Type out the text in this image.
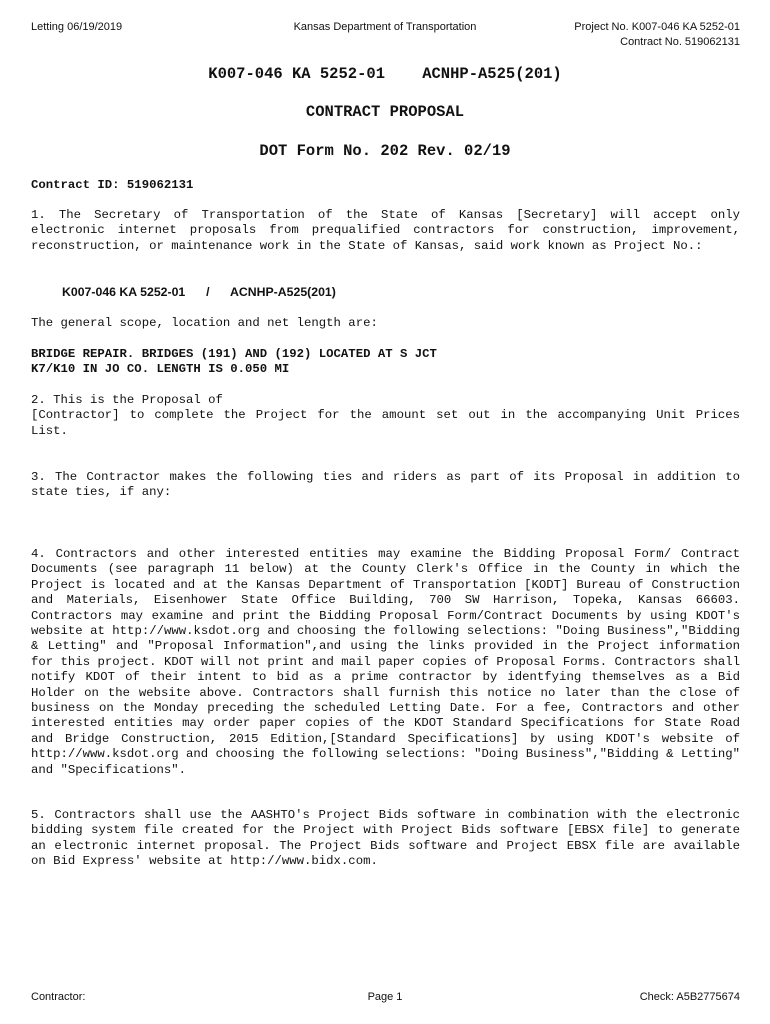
Letting 06/19/2019	Kansas Department of Transportation	Project No. K007-046 KA 5252-01
Contract No. 519062131
K007-046 KA 5252-01    ACNHP-A525(201)
CONTRACT PROPOSAL
DOT Form No. 202 Rev. 02/19
Contract ID: 519062131

1. The Secretary of Transportation of the State of Kansas [Secretary] will accept only electronic internet proposals from prequalified contractors for construction, improvement, reconstruction, or maintenance work in the State of Kansas, said work known as Project No.:

K007-046 KA 5252-01 / ACNHP-A525(201)
The general scope, location and net length are:
BRIDGE REPAIR. BRIDGES (191) AND (192) LOCATED AT S JCT
K7/K10 IN JO CO. LENGTH IS 0.050 MI
2. This is the Proposal of

[Contractor] to complete the Project for the amount set out in the accompanying Unit Prices List.

3. The Contractor makes the following ties and riders as part of its Proposal in addition to state ties, if any:

4. Contractors and other interested entities may examine the Bidding Proposal Form/ Contract Documents (see paragraph 11 below) at the County Clerk's Office in the County in which the Project is located and at the Kansas Department of Transportation [KODT] Bureau of Construction and Materials, Eisenhower State Office Building, 700 SW Harrison, Topeka, Kansas 66603. Contractors may examine and print the Bidding Proposal Form/Contract Documents by using KDOT's website at http://www.ksdot.org and choosing the following selections: "Doing Business","Bidding & Letting" and "Proposal Information",and using the links provided in the Project information for this project. KDOT will not print and mail paper copies of Proposal Forms. Contractors shall notify KDOT of their intent to bid as a prime contractor by identfying themselves as a Bid Holder on the website above. Contractors shall furnish this notice no later than the close of business on the Monday preceding the scheduled Letting Date. For a fee, Contractors and other interested entities may order paper copies of the KDOT Standard Specifications for State Road and Bridge Construction, 2015 Edition,[Standard Specifications] by using KDOT's website of http://www.ksdot.org and choosing the following selections: "Doing Business","Bidding & Letting" and "Specifications".

5. Contractors shall use the AASHTO's Project Bids software in combination with the electronic bidding system file created for the Project with Project Bids software [EBSX file] to generate an electronic internet proposal. The Project Bids software and Project EBSX file are available on Bid Express' website at http://www.bidx.com.

Contractor:	Page 1	Check: A5B2775674
